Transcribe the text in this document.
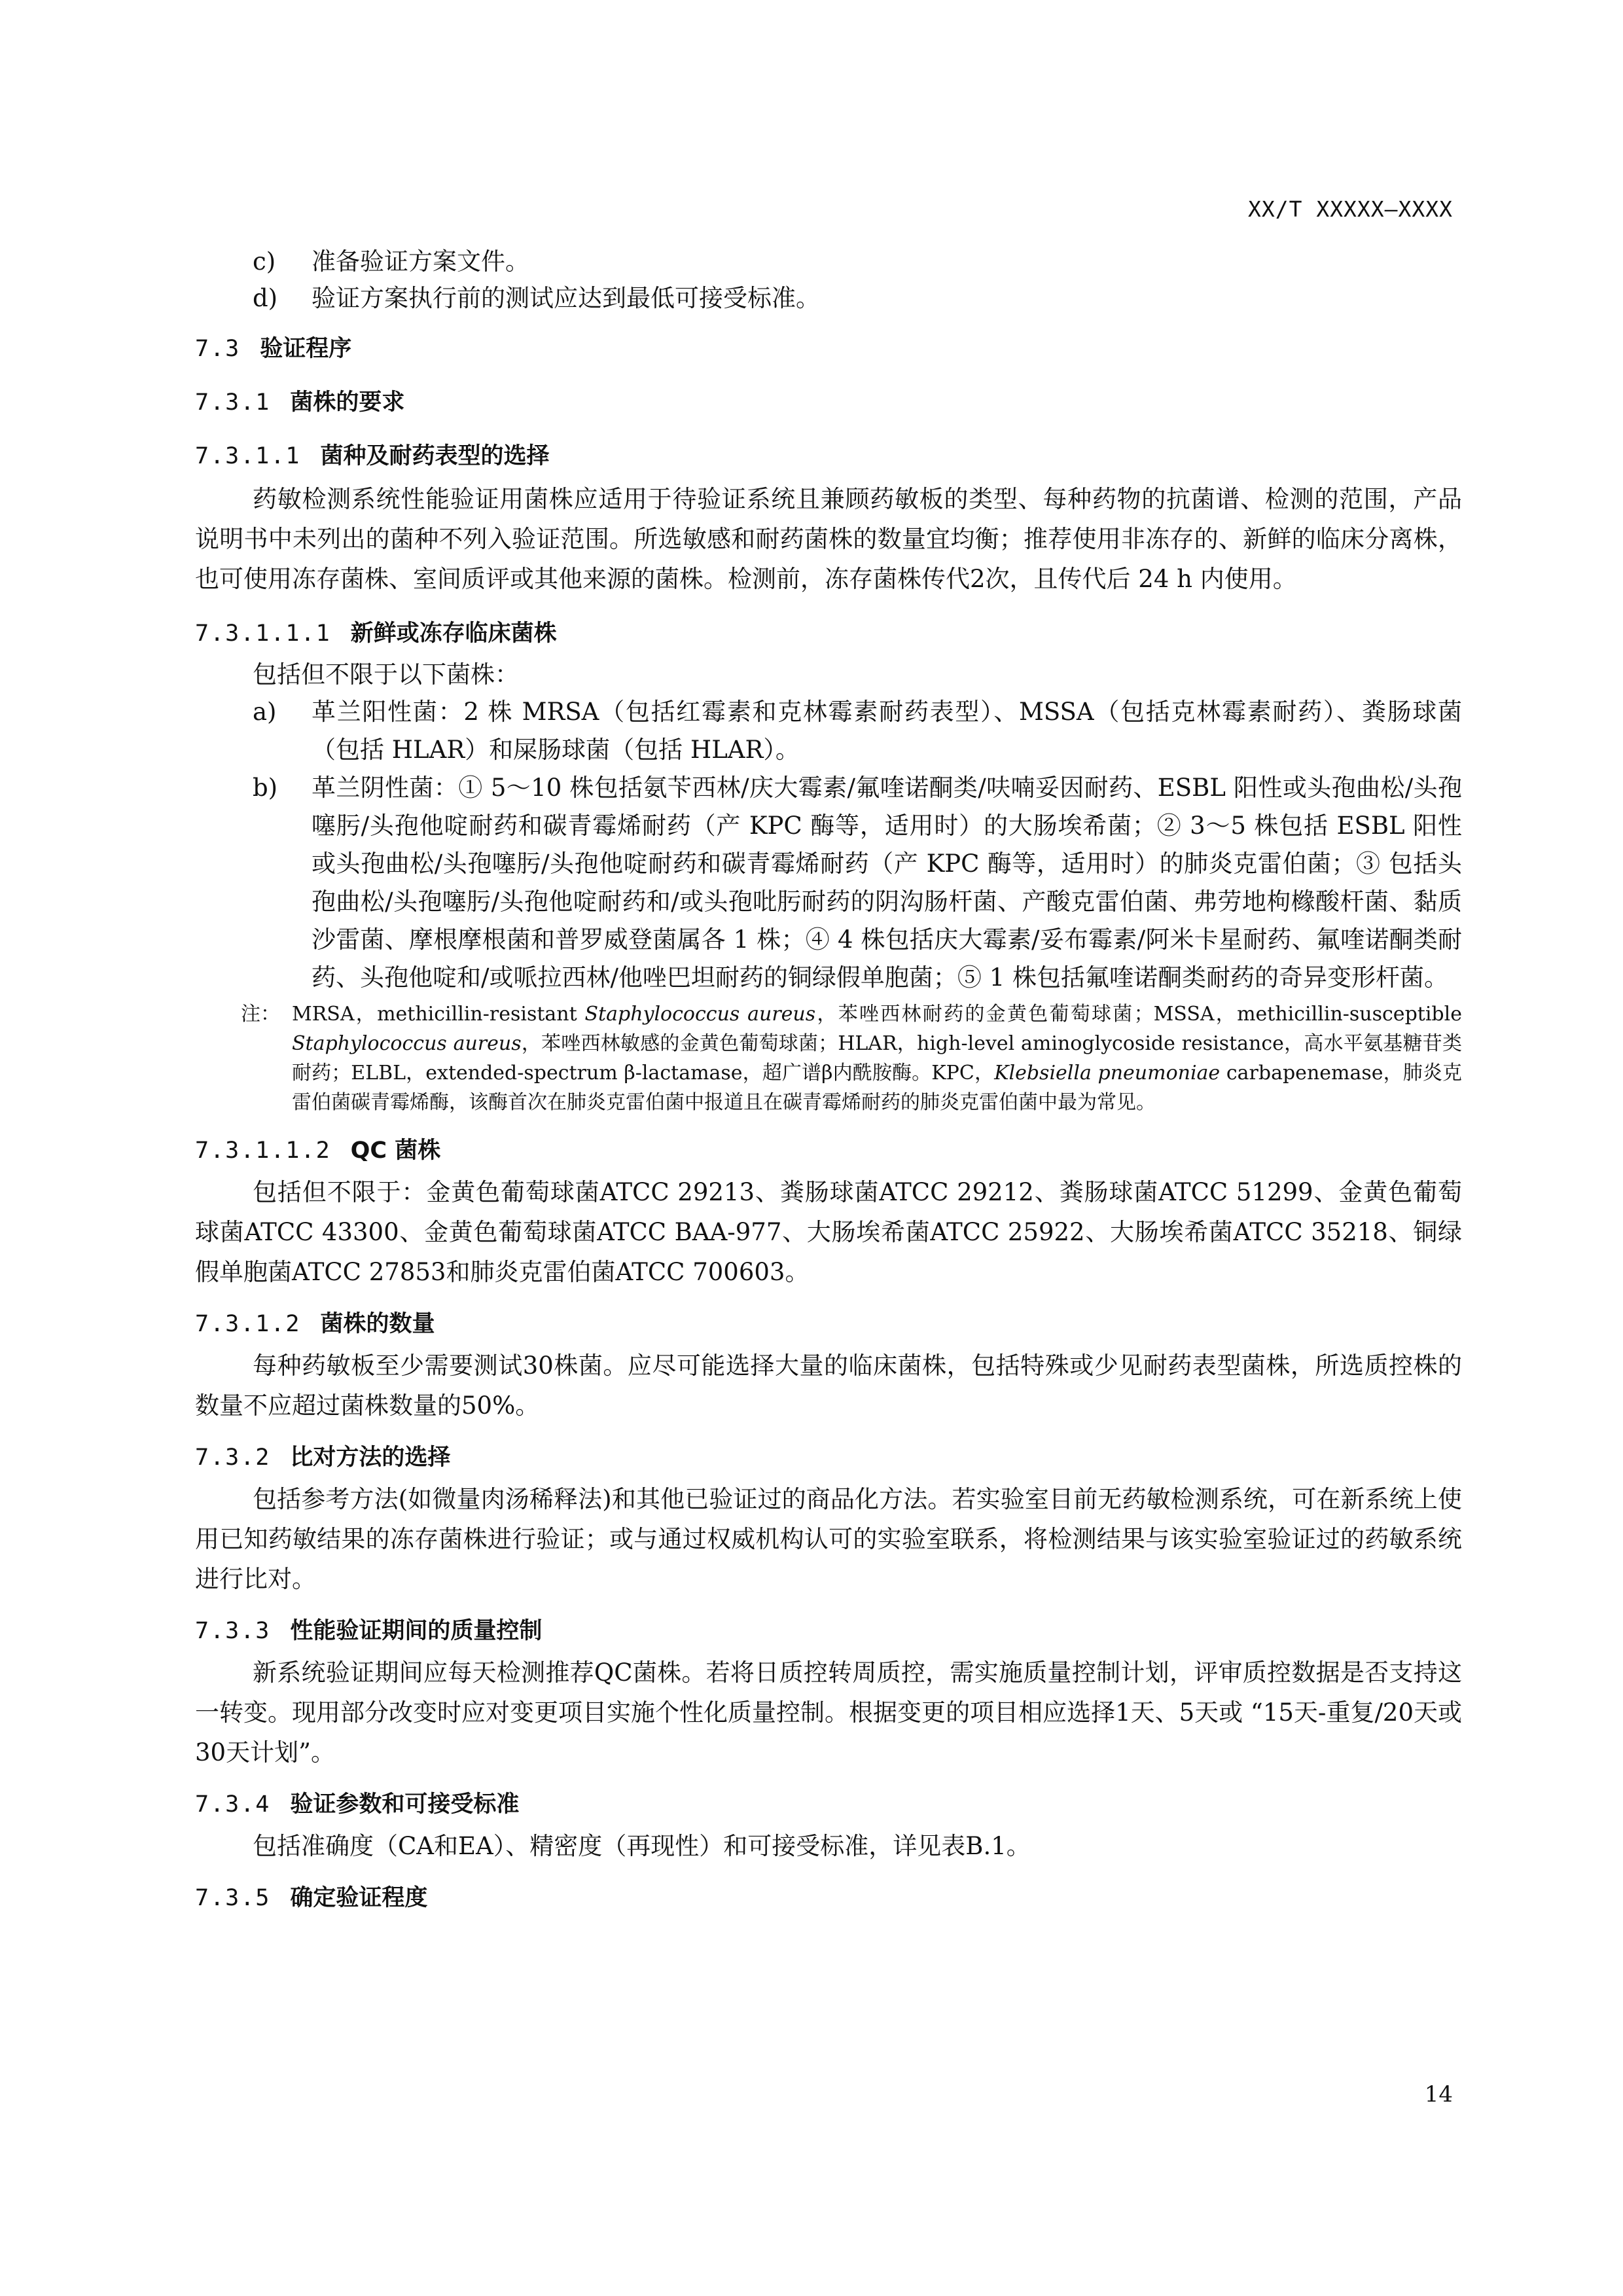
XX/T XXXXX—XXXX

c) 准备验证方案文件。

d) 验证方案执行前的测试应达到最低可接受标准。

7.3 验证程序

7.3.1 菌株的要求

7.3.1.1 菌种及耐药表型的选择

药敏检测系统性能验证用菌株应适用于待验证系统且兼顾药敏板的类型、每种药物的抗菌谱、检测的范围，产品说明书中未列出的菌种不列入验证范围。所选敏感和耐药菌株的数量宜均衡；推荐使用非冻存的、新鲜的临床分离株，也可使用冻存菌株、室间质评或其他来源的菌株。检测前，冻存菌株传代2次，且传代后 24 h 内使用。

7.3.1.1.1 新鲜或冻存临床菌株

包括但不限于以下菌株：

a) 革兰阳性菌：2 株 MRSA（包括红霉素和克林霉素耐药表型）、MSSA（包括克林霉素耐药）、粪肠球菌（包括 HLAR）和屎肠球菌（包括 HLAR）。

b) 革兰阴性菌：① 5～10 株包括氨苄西林/庆大霉素/氟喹诺酮类/呋喃妥因耐药、ESBL 阳性或头孢曲松/头孢噻肟/头孢他啶耐药和碳青霉烯耐药（产 KPC 酶等，适用时）的大肠埃希菌；② 3～5 株包括 ESBL 阳性或头孢曲松/头孢噻肟/头孢他啶耐药和碳青霉烯耐药（产 KPC 酶等，适用时）的肺炎克雷伯菌；③ 包括头孢曲松/头孢噻肟/头孢他啶耐药和/或头孢吡肟耐药的阴沟肠杆菌、产酸克雷伯菌、弗劳地枸橼酸杆菌、黏质沙雷菌、摩根摩根菌和普罗威登菌属各 1 株；④ 4 株包括庆大霉素/妥布霉素/阿米卡星耐药、氟喹诺酮类耐药、头孢他啶和/或哌拉西林/他唑巴坦耐药的铜绿假单胞菌；⑤ 1 株包括氟喹诺酮类耐药的奇异变形杆菌。

注： MRSA，methicillin-resistant Staphylococcus aureus，苯唑西林耐药的金黄色葡萄球菌；MSSA，methicillin-susceptible Staphylococcus aureus，苯唑西林敏感的金黄色葡萄球菌；HLAR，high-level aminoglycoside resistance，高水平氨基糖苷类耐药；ELBL，extended-spectrum β-lactamase，超广谱β内酰胺酶。KPC，Klebsiella pneumoniae carbapenemase，肺炎克雷伯菌碳青霉烯酶，该酶首次在肺炎克雷伯菌中报道且在碳青霉烯耐药的肺炎克雷伯菌中最为常见。

7.3.1.1.2 QC 菌株

包括但不限于：金黄色葡萄球菌ATCC 29213、粪肠球菌ATCC 29212、粪肠球菌ATCC 51299、金黄色葡萄球菌ATCC 43300、金黄色葡萄球菌ATCC BAA-977、大肠埃希菌ATCC 25922、大肠埃希菌ATCC 35218、铜绿假单胞菌ATCC 27853和肺炎克雷伯菌ATCC 700603。

7.3.1.2 菌株的数量

每种药敏板至少需要测试30株菌。应尽可能选择大量的临床菌株，包括特殊或少见耐药表型菌株，所选质控株的数量不应超过菌株数量的50%。

7.3.2 比对方法的选择

包括参考方法(如微量肉汤稀释法)和其他已验证过的商品化方法。若实验室目前无药敏检测系统，可在新系统上使用已知药敏结果的冻存菌株进行验证；或与通过权威机构认可的实验室联系，将检测结果与该实验室验证过的药敏系统进行比对。

7.3.3 性能验证期间的质量控制

新系统验证期间应每天检测推荐QC菌株。若将日质控转周质控，需实施质量控制计划，评审质控数据是否支持这一转变。现用部分改变时应对变更项目实施个性化质量控制。根据变更的项目相应选择1天、5天或 “15天-重复/20天或30天计划”。

7.3.4 验证参数和可接受标准

包括准确度（CA和EA）、精密度（再现性）和可接受标准，详见表B.1。

7.3.5 确定验证程度

14
